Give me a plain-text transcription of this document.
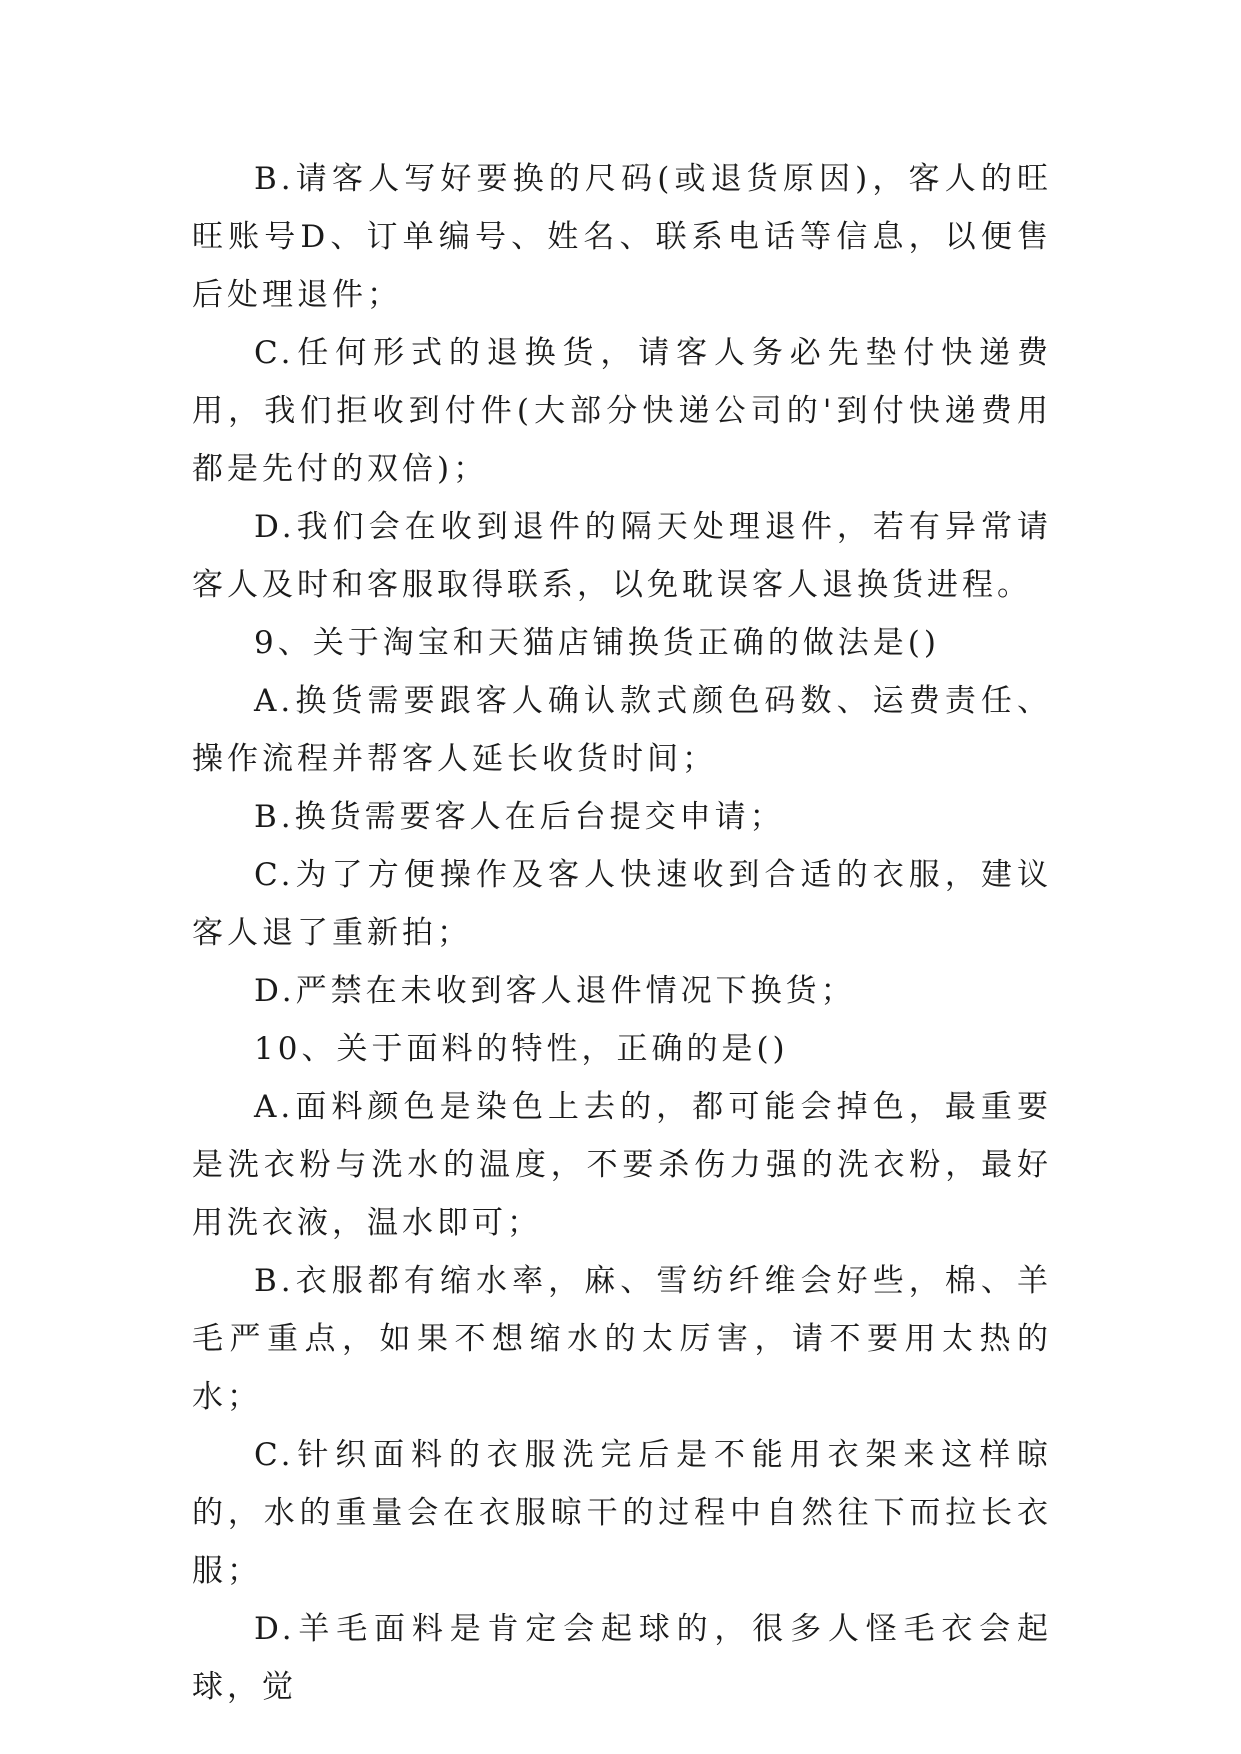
B.请客人写好要换的尺码(或退货原因)，客人的旺旺账号D、订单编号、姓名、联系电话等信息，以便售后处理退件；

C.任何形式的退换货，请客人务必先垫付快递费用，我们拒收到付件(大部分快递公司的'到付快递费用都是先付的双倍)；

D.我们会在收到退件的隔天处理退件，若有异常请客人及时和客服取得联系，以免耽误客人退换货进程。

9、关于淘宝和天猫店铺换货正确的做法是()

A.换货需要跟客人确认款式颜色码数、运费责任、操作流程并帮客人延长收货时间；

B.换货需要客人在后台提交申请；

C.为了方便操作及客人快速收到合适的衣服，建议客人退了重新拍；

D.严禁在未收到客人退件情况下换货；

10、关于面料的特性，正确的是()

A.面料颜色是染色上去的，都可能会掉色，最重要是洗衣粉与洗水的温度，不要杀伤力强的洗衣粉，最好用洗衣液，温水即可；

B.衣服都有缩水率，麻、雪纺纤维会好些，棉、羊毛严重点，如果不想缩水的太厉害，请不要用太热的水；

C.针织面料的衣服洗完后是不能用衣架来这样晾的，水的重量会在衣服晾干的过程中自然往下而拉长衣服；

D.羊毛面料是肯定会起球的，很多人怪毛衣会起球，觉
